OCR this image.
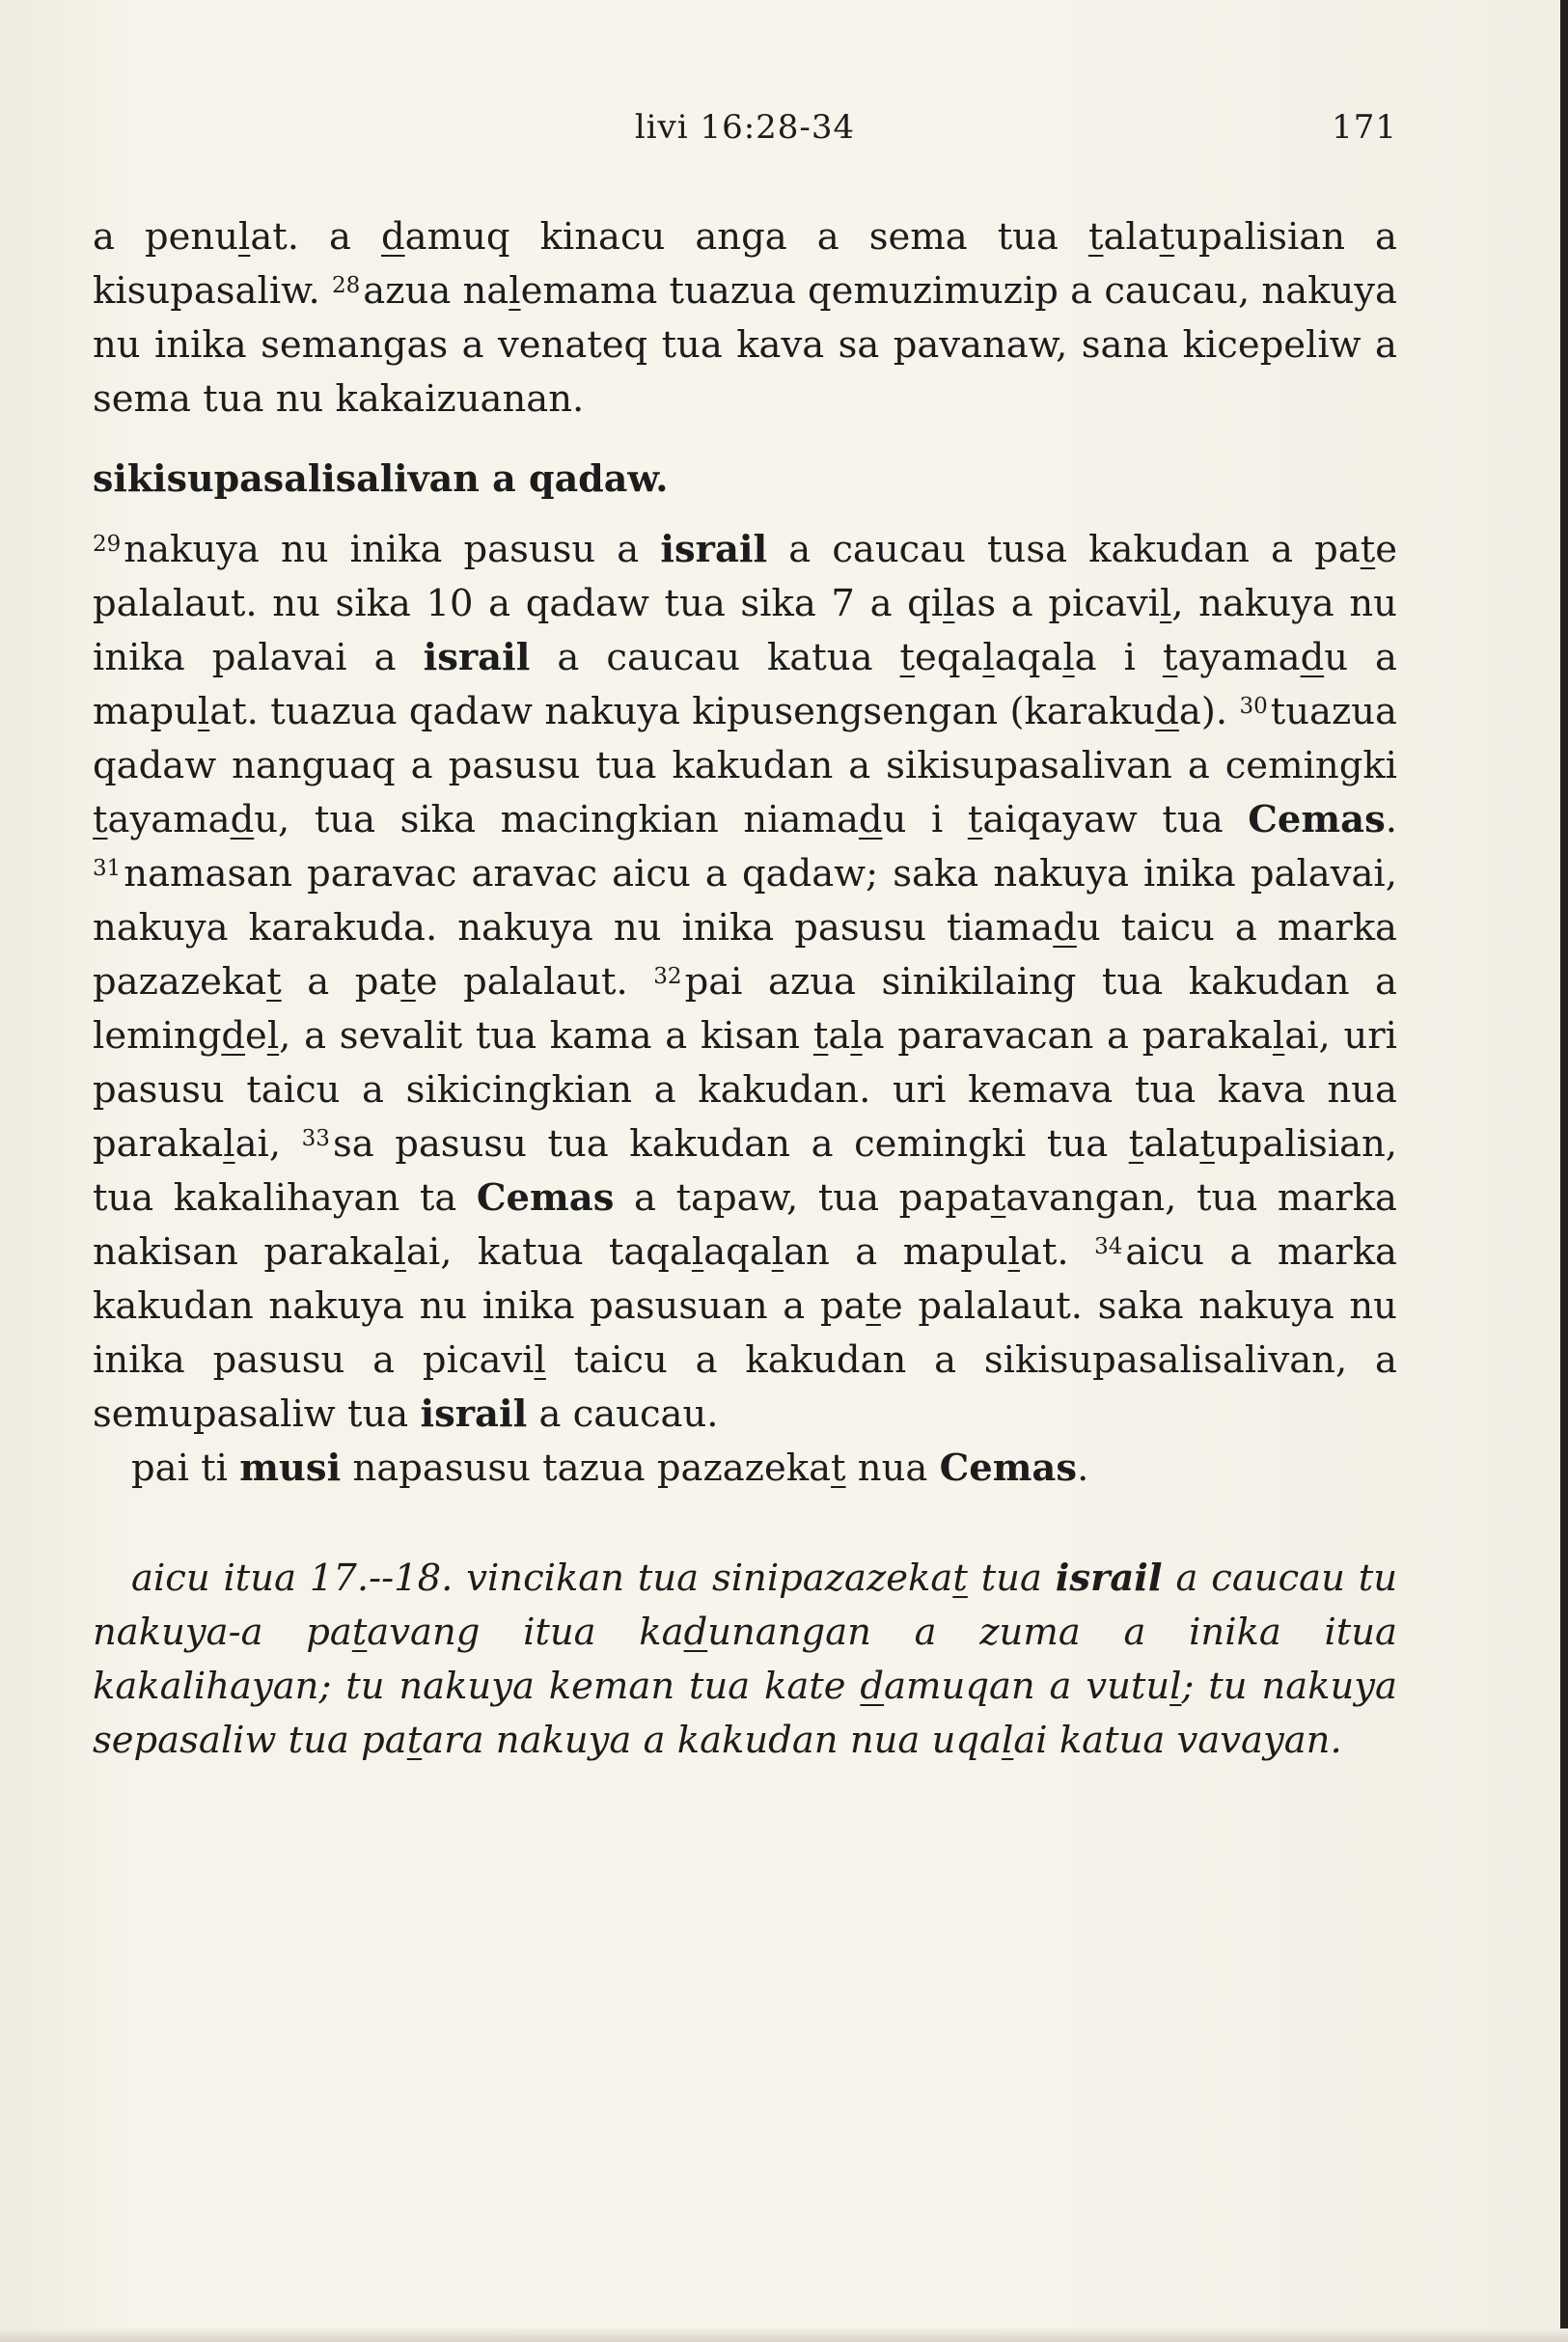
livi 16:28-34	171

a penulat. a damuq kinacu anga a sema tua talatupalisian a kisupasaliw. $^{28}$azua nalemama tuazua qemuzimuzip a caucau, nakuya nu inika semangas a venateq tua kava sa pavanaw, sana kicepeliw a sema tua nu kakaizuanan.

sikisupasalisalivan a qadaw.

$^{29}$nakuya nu inika pasusu a israil a caucau tusa kakudan a pate palalaut. nu sika 10 a qadaw tua sika 7 a qilas a picavil, nakuya nu inika palavai a israil a caucau katua teqalaqala i tayamadu a mapulat. tuazua qadaw nakuya kipusengsengan (karakuda). $^{30}$tuazua qadaw nanguaq a pasusu tua kakudan a sikisupasalivan a cemingki tayamadu, tua sika macingkian niamadu i taiqayaw tua Cemas. $^{31}$namasan paravac aravac aicu a qadaw; saka nakuya inika palavai, nakuya karakuda. nakuya nu inika pasusu tiamadu taicu a marka pazazekat a pate palalaut. $^{32}$pai azua sinikilaing tua kakudan a lemingdel, a sevalit tua kama a kisan tala paravacan a parakalai, uri pasusu taicu a sikicingkian a kakudan. uri kemava tua kava nua parakalai, $^{33}$sa pasusu tua kakudan a cemingki tua talatupalisian, tua kakalihayan ta Cemas a tapaw, tua papatavangan, tua marka nakisan parakalai, katua taqalaqalan a mapulat. $^{34}$aicu a marka kakudan nakuya nu inika pasusuan a pate palalaut. saka nakuya nu inika pasusu a picavil taicu a kakudan a sikisupasalisalivan, a semupasaliw tua israil a caucau.

pai ti musi napasusu tazua pazazekat nua Cemas.

aicu itua 17.--18. vincikan tua sinipazazekat tua israil a caucau tu nakuya-a patavang itua kadunangan a zuma a inika itua kakalihayan; tu nakuya keman tua kate damuqan a vutul; tu nakuya sepasaliw tua patara nakuya a kakudan nua uqalai katua vavayan.
